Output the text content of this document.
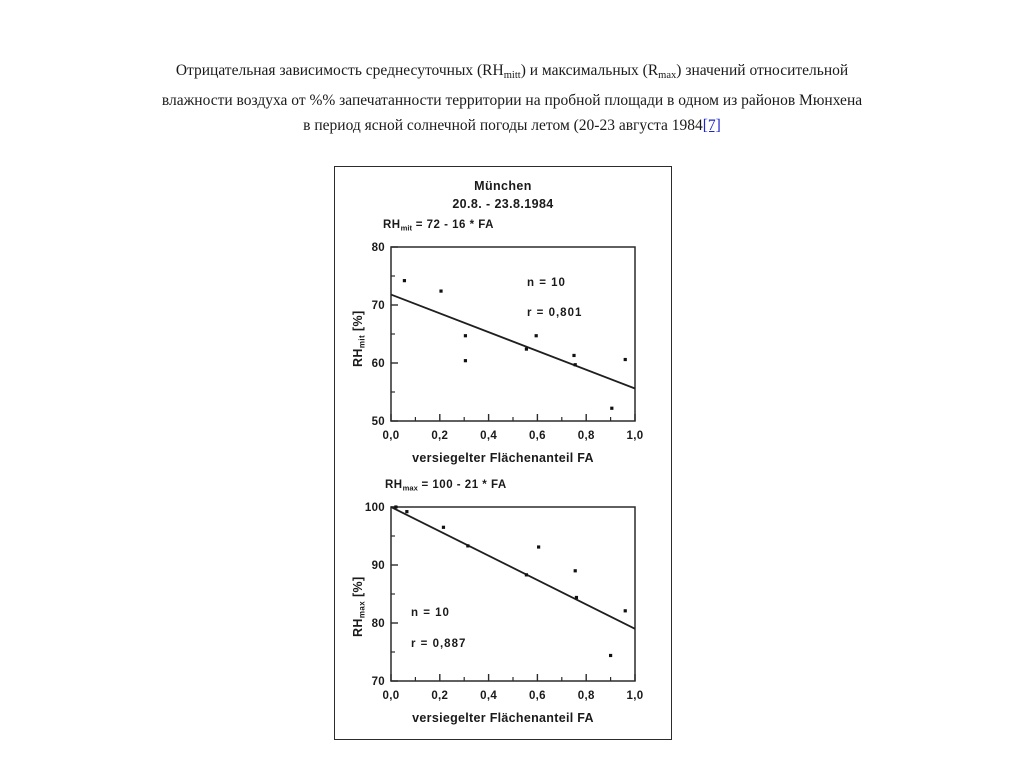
Отрицательная зависимость среднесуточных $(RH_{mitt})$ и максимальных $(R_{max})$ значений относительной
влажности воздуха от %% запечатанности территории на пробной площади в одном из районов Мюнхена
в период ясной солнечной погоды летом (20-23 августа 1984[7]
München
20.8. - 23.8.1984
$RH_{mit} = 72 - 16$ * FA
$RH_{mit}$ [%]
n = 10
r = 0,801
0,0	0,2	0,4	0,6	0,8	1,0
50
60
70
80
versiegelter Flächenanteil FA
$RH_{max} = 100 - 21$ * FA
$RH_{max}$ [%]
n = 10
r = 0,887
0,0	0,2	0,4	0,6	0,8	1,0
70
80
90
100
versiegelter Flächenanteil FA
